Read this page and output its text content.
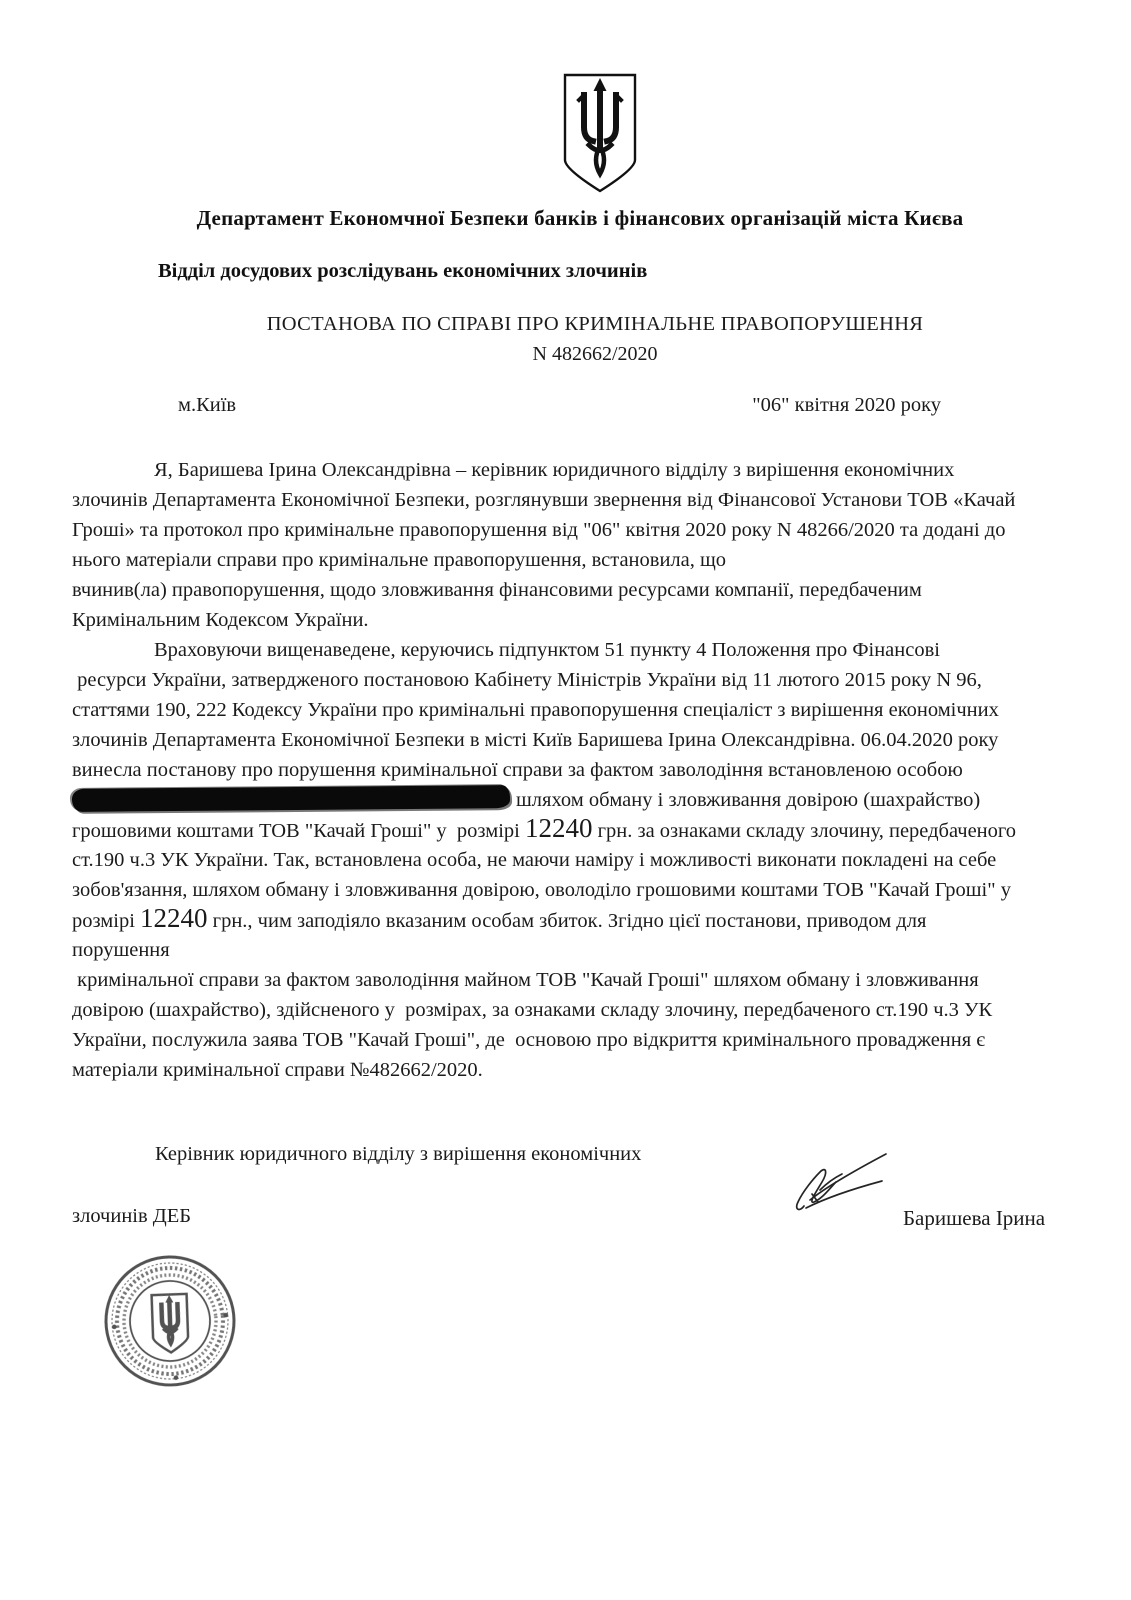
Департамент Економчної Безпеки банків і фінансових організацій міста Києва
Відділ досудових розслідувань економічних злочинів
ПОСТАНОВА ПО СПРАВІ ПРО КРИМІНАЛЬНЕ ПРАВОПОРУШЕННЯ
N 482662/2020
м.Київ	"06" квітня 2020 року
Я, Баришева Ірина Олександрівна – керівник юридичного відділу з вирішення економічних
злочинів Департамента Економічної Безпеки, розглянувши звернення від Фінансової Установи ТОВ «Качай
Гроші» та протокол про кримінальне правопорушення від "06" квітня 2020 року N 48266/2020 та додані до
нього матеріали справи про кримінальне правопорушення, встановила, що
вчинив(ла) правопорушення, щодо зловживання фінансовими ресурсами компанії, передбаченим
Кримінальним Кодексом України.
Враховуючи вищенаведене, керуючись підпунктом 51 пункту 4 Положення про Фінансові
ресурси України, затвердженого постановою Кабінету Міністрів України від 11 лютого 2015 року N 96,
статтями 190, 222 Кодексу України про кримінальні правопорушення спеціаліст з вирішення економічних
злочинів Департамента Економічної Безпеки в місті Київ Баришева Ірина Олександрівна. 06.04.2020 року
винесла постанову про порушення кримінальної справи за фактом заволодіння встановленою особою
шляхом обману і зловживання довірою (шахрайство)
грошовими коштами ТОВ "Качай Гроші" у  розмірі 12240 грн. за ознаками складу злочину, передбаченого
ст.190 ч.3 УК України. Так, встановлена особа, не маючи наміру і можливості виконати покладені на себе
зобов'язання, шляхом обману і зловживання довірою, оволоділо грошовими коштами ТОВ "Качай Гроші" у
розмірі 12240 грн., чим заподіяло вказаним особам збиток. Згідно цієї постанови, приводом для
порушення
кримінальної справи за фактом заволодіння майном ТОВ "Качай Гроші" шляхом обману і зловживання
довірою (шахрайство), здійсненого у  розмірах, за ознаками складу злочину, передбаченого ст.190 ч.3 УК
України, послужила заява ТОВ "Качай Гроші", де  основою про відкриття кримінального провадження є
матеріали кримінальної справи №482662/2020.
Керівник юридичного відділу з вирішення економічних
злочинів ДЕБ	Баришева Ірина
